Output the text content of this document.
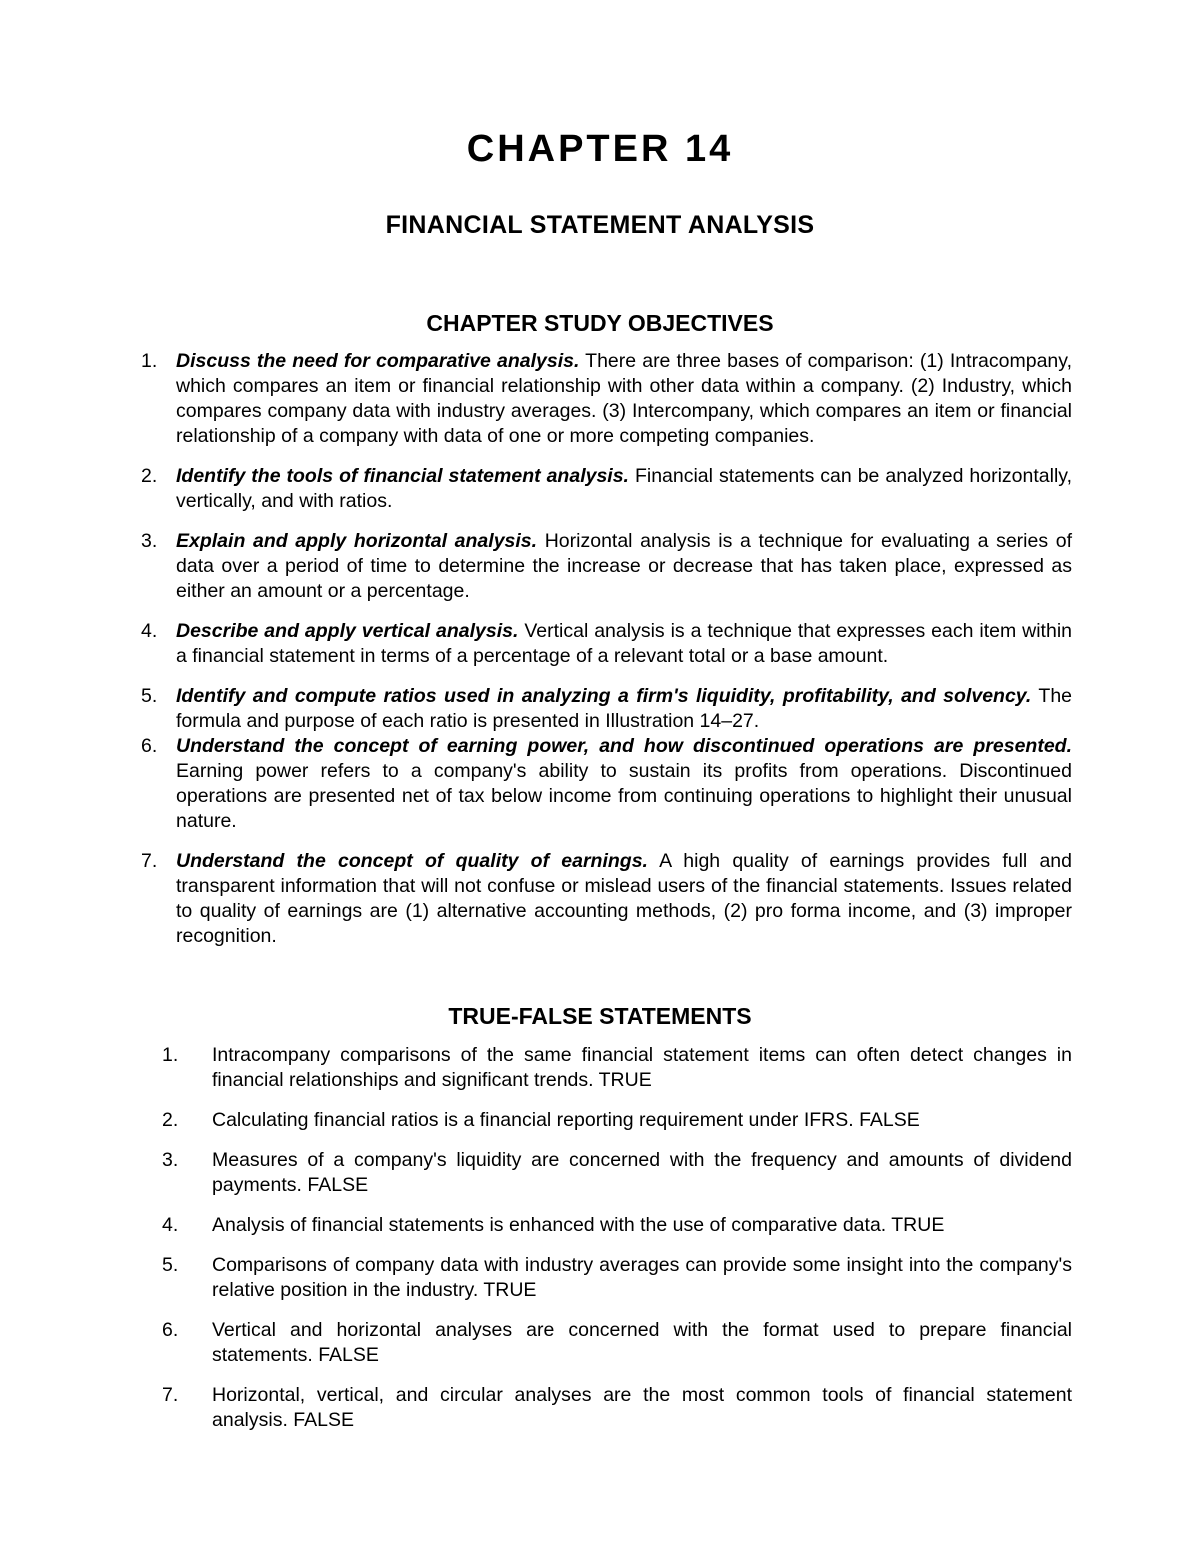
CHAPTER 14
FINANCIAL STATEMENT ANALYSIS
CHAPTER STUDY OBJECTIVES
1. Discuss the need for comparative analysis. There are three bases of comparison: (1) Intracompany, which compares an item or financial relationship with other data within a company. (2) Industry, which compares company data with industry averages. (3) Intercompany, which compares an item or financial relationship of a company with data of one or more competing companies.
2. Identify the tools of financial statement analysis. Financial statements can be analyzed horizontally, vertically, and with ratios.
3. Explain and apply horizontal analysis. Horizontal analysis is a technique for evaluating a series of data over a period of time to determine the increase or decrease that has taken place, expressed as either an amount or a percentage.
4. Describe and apply vertical analysis. Vertical analysis is a technique that expresses each item within a financial statement in terms of a percentage of a relevant total or a base amount.
5. Identify and compute ratios used in analyzing a firm's liquidity, profitability, and solvency. The formula and purpose of each ratio is presented in Illustration 14–27.
6. Understand the concept of earning power, and how discontinued operations are presented. Earning power refers to a company's ability to sustain its profits from operations. Discontinued operations are presented net of tax below income from continuing operations to highlight their unusual nature.
7. Understand the concept of quality of earnings. A high quality of earnings provides full and transparent information that will not confuse or mislead users of the financial statements. Issues related to quality of earnings are (1) alternative accounting methods, (2) pro forma income, and (3) improper recognition.
TRUE-FALSE STATEMENTS
1. Intracompany comparisons of the same financial statement items can often detect changes in financial relationships and significant trends. TRUE
2. Calculating financial ratios is a financial reporting requirement under IFRS. FALSE
3. Measures of a company's liquidity are concerned with the frequency and amounts of dividend payments. FALSE
4. Analysis of financial statements is enhanced with the use of comparative data. TRUE
5. Comparisons of company data with industry averages can provide some insight into the company's relative position in the industry. TRUE
6. Vertical and horizontal analyses are concerned with the format used to prepare financial statements. FALSE
7. Horizontal, vertical, and circular analyses are the most common tools of financial statement analysis. FALSE
